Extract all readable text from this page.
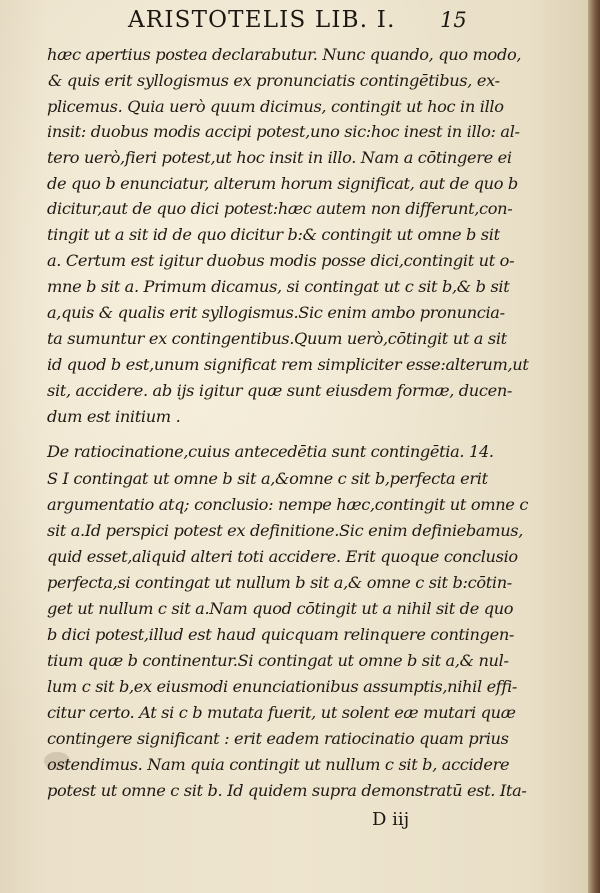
ARISTOTELIS LIB. I.	15
hæc apertius postea declarabutur. Nunc quando, quo modo,
& quis erit syllogismus ex pronunciatis contingētibus, ex-
plicemus. Quia uerò quum dicimus, contingit ut hoc in illo
insit: duobus modis accipi potest,uno sic:hoc inest in illo: al-
tero uerò,fieri potest,ut hoc insit in illo. Nam a cōtingere ei
de quo b enunciatur, alterum horum significat, aut de quo b
dicitur,aut de quo dici potest:hæc autem non differunt,con-
tingit ut a sit id de quo dicitur b:& contingit ut omne b sit
a. Certum est igitur duobus modis posse dici,contingit ut o-
mne b sit a. Primum dicamus, si contingat ut c sit b,& b sit
a,quis & qualis erit syllogismus.Sic enim ambo pronuncia-
ta sumuntur ex contingentibus.Quum uerò,cōtingit ut a sit
id quod b est,unum significat rem simpliciter esse:alterum,ut
sit, accidere. ab ijs igitur quæ sunt eiusdem formæ, ducen-
dum est initium .
De ratiocinatione,cuius antecedētia sunt contingētia. 14.
S I contingat ut omne b sit a,&omne c sit b,perfecta erit
argumentatio atq; conclusio: nempe hæc,contingit ut omne c
sit a.Id perspici potest ex definitione.Sic enim definiebamus,
quid esset,aliquid alteri toti accidere. Erit quoque conclusio
perfecta,si contingat ut nullum b sit a,& omne c sit b:cōtin-
get ut nullum c sit a.Nam quod cōtingit ut a nihil sit de quo
b dici potest,illud est haud quicquam relinquere contingen-
tium quæ b continentur.Si contingat ut omne b sit a,& nul-
lum c sit b,ex eiusmodi enunciationibus assumptis,nihil effi-
citur certo. At si c b mutata fuerit, ut solent eæ mutari quæ
contingere significant : erit eadem ratiocinatio quam prius
ostendimus. Nam quia contingit ut nullum c sit b, accidere
potest ut omne c sit b. Id quidem supra demonstratū est. Ita-
D iij
